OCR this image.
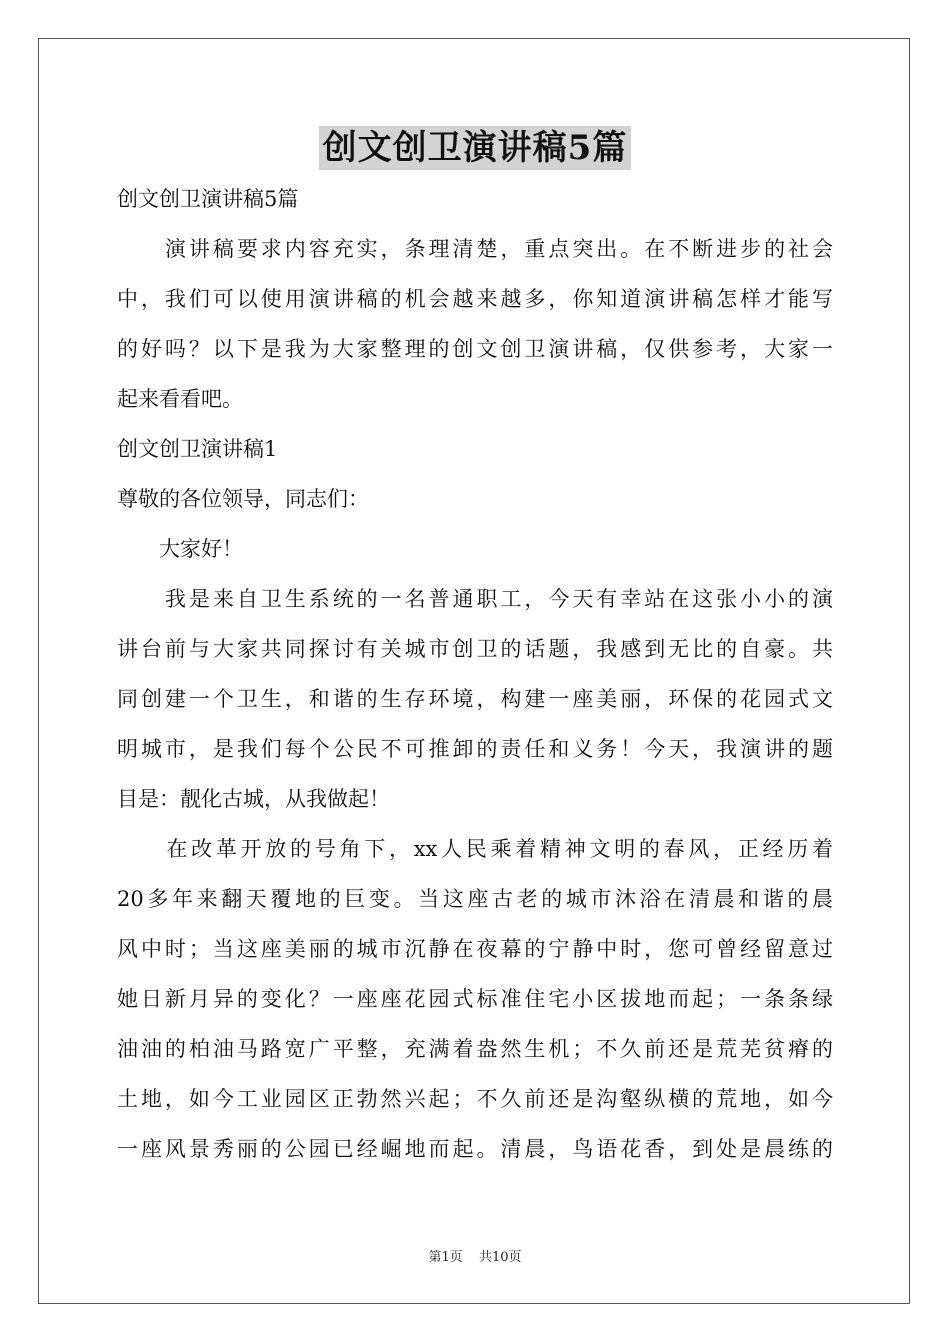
创文创卫演讲稿5篇
创文创卫演讲稿5篇
　　演讲稿要求内容充实，条理清楚，重点突出。在不断进步的社会
中，我们可以使用演讲稿的机会越来越多，你知道演讲稿怎样才能写
的好吗？以下是我为大家整理的创文创卫演讲稿，仅供参考，大家一
起来看看吧。
创文创卫演讲稿1
尊敬的各位领导，同志们：
　　大家好！
　　我是来自卫生系统的一名普通职工，今天有幸站在这张小小的演
讲台前与大家共同探讨有关城市创卫的话题，我感到无比的自豪。共
同创建一个卫生，和谐的生存环境，构建一座美丽，环保的花园式文
明城市，是我们每个公民不可推卸的责任和义务！今天，我演讲的题
目是：靓化古城，从我做起！
　　在改革开放的号角下，xx人民乘着精神文明的春风，正经历着
20多年来翻天覆地的巨变。当这座古老的城市沐浴在清晨和谐的晨
风中时；当这座美丽的城市沉静在夜幕的宁静中时，您可曾经留意过
她日新月异的变化？一座座花园式标准住宅小区拔地而起；一条条绿
油油的柏油马路宽广平整，充满着盎然生机；不久前还是荒芜贫瘠的
土地，如今工业园区正勃然兴起；不久前还是沟壑纵横的荒地，如今
一座风景秀丽的公园已经崛地而起。清晨，鸟语花香，到处是晨练的
第1页 共10页
